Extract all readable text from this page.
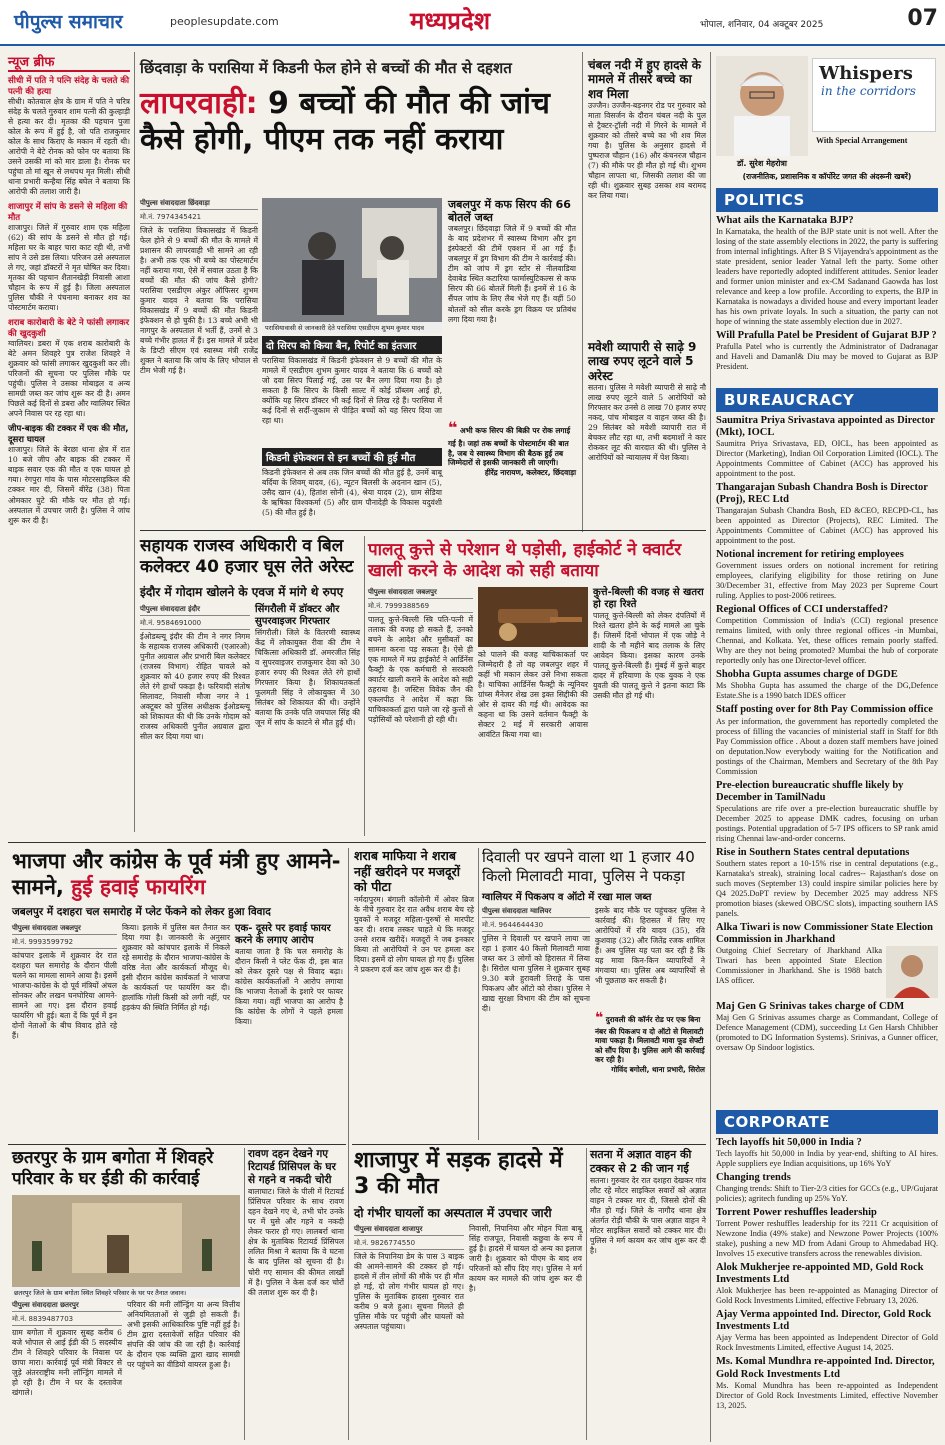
पीपुल्स समाचार	peoplesupdate.com	मध्यप्रदेश	भोपाल, शनिवार, 04 अक्टूबर 2025	07
न्यूज ब्रीफ
सीधी में पति ने पत्नि संदेह के चलते की पत्नी की हत्या
सीधी। कोतवाल क्षेत्र के ग्राम में पति ने चरित्र संदेह के चलते गुरुवार शाम पत्नी की कुल्हाड़ी से हत्या कर दी। मृतका की पहचान पुजा कोल के रूप में हुई है, जो पति राजकुमार कोल के साथ किराए के मकान में रहती थी। आरोपी ने बेटे रोनक को फोन पर बताया कि उसने उसकी मां को मार डाला है। रोनक घर पहुंचा तो मां खून से लथपथ मृत मिली। सीधी थाना प्रभारी कन्हैया सिंह बघेल ने बताया कि आरोपी की तलाश जारी है।
शाजापुर में सांप के डसने से महिला की मौत
शाजापुर। जिले में गुरुवार शाम एक महिला (62) की सांप के डसने से मौत हो गई। महिला घर के बाहर चारा काट रही थी, तभी सांप ने उसे डस लिया। परिजन उसे अस्पताल ले गए, जहां डॉक्टरों ने मृत घोषित कर दिया। मृतका की पहचान शैतानखेड़ी निवासी आशा चौहान के रूप में हुई है। जिला अस्पताल पुलिस चौकी ने पंचनामा बनाकर शव का पोस्टमार्टम कराया।
शराब कारोबारी के बेटे ने फांसी लगाकर की खुदकुशी
ग्वालियर। डबरा में एक शराब कारोबारी के बेटे अमन शिवहरे पुत्र राजेश शिवहरे ने शुक्रवार को फांसी लगाकर खुदकुशी कर ली। परिजनों की सूचना पर पुलिस मौके पर पहुंची। पुलिस ने उसका मोबाइल व अन्य सामग्री जब्त कर जांच शुरू कर दी है। अमन पिछले कई दिनों से डबरा और ग्वालियर स्थित अपने निवास पर रह रहा था।
जीप-बाइक की टक्कर में एक की मौत, दूसरा घायल
शाजापुर। जिले के बेरछा थाना क्षेत्र में रात 10 बजे जीप और बाइक की टक्कर में बाइक सवार एक की मौत व एक घायल हो गया। रंगपुरा गांव के पास मोटरसाइकिल की टक्कर मार दी, जिसमें बीरेंद्र (38) पिता ओमकार घुटे की मौके पर मौत हो गई। अस्पताल में उपचार जारी है। पुलिस ने जांच शुरू कर दी है।
छिंदवाड़ा के परासिया में किडनी फेल होने से बच्चों की मौत से दहशत
लापरवाही: 9 बच्चों की मौत की जांच कैसे होगी, पीएम तक नहीं कराया
पीपुल्स संवाददाता छिंदवाड़ा
मो.नं. 7974345421
जिले के परासिया विकासखंड में किडनी फेल होने से 9 बच्चों की मौत के मामले में प्रशासन की लापरवाही भी सामने आ रही है। अभी तक एक भी बच्चे का पोस्टमार्टम नहीं कराया गया, ऐसे में सवाल उठता है कि बच्चों की मौत की जांच कैसे होगी? परासिया एसडीएम अंकुर ऑफिसर शुभम कुमार यादव ने बताया कि परासिया विकासखंड में 9 बच्चों की मौत किडनी इंफेक्शन से हो चुकी है। 13 बच्चे अभी भी नागपुर के अस्पताल में भर्ती हैं, उनमें से 3 बच्चे गंभीर हालत में हैं। इस मामले में प्रदेश के डिप्टी सीएम एवं स्वास्थ्य मंत्री राजेंद्र शुक्ल ने बताया कि जांच के लिए भोपाल से टीम भेजी गई है।
परासियावासी से जानकारी देते परासिया एसडीएम शुभम कुमार यादव
दो सिरप को किया बैन, रिपोर्ट का इंतजार
परासिया विकासखंड में किडनी इंफेक्शन से 9 बच्चों की मौत के मामले में एसडीएम शुभम कुमार यादव ने बताया कि 6 बच्चों को जो दवा सिरप पिलाई गई, उस पर बैन लगा दिया गया है। हो सकता है कि सिरप के किसी साल्ट में कोई प्रॉब्लम आई हो, क्योंकि यह सिरप डॉक्टर भी कई दिनों से लिख रहे हैं। परासिया में कई दिनों से सर्दी-जुकाम से पीड़ित बच्चों को यह सिरप दिया जा रहा था।
किडनी इंफेक्शन से इन बच्चों की हुई मौत
किडनी इंफेक्शन से अब तक जिन बच्चों की मौत हुई है, उनमें बाबू बर्दिया के शिवम् यादव, (6), न्यूटन बिलसी के अदनान खान (5), उसैद खान (4), हितांश सोनी (4), श्रेया यादव (2), ग्राम सेडिया के ऋषिका विश्वकर्मा (5) और ग्राम पौनादेही के विकास यदुवंशी (5) की मौत हुई है।
जबलपुर में कफ सिरप की 66 बोतलें जब्त
जबलपुर। छिंदवाड़ा जिले में 9 बच्चों की मौत के बाद प्रदेशभर में स्वास्थ्य विभाग और ड्रग इंस्पेक्टरों की टीमें एक्शन में आ गई हैं। जबलपुर में ड्रग विभाग की टीम ने कार्रवाई की। टीम को जांच में ड्रग स्टोर से नीलवाडिया देवाबेड स्थित कटारिया फार्मास्युटिकल्स से कफ सिरप की 66 बोतलें मिली हैं। इनमें से 16 के सैंपल जांच के लिए लैब भेजे गए हैं। वहीं 50 बोतलों को सील करके ड्रग विक्रय पर प्रतिबंध लगा दिया गया है।
❝ अभी कफ सिरप की बिक्री पर रोक लगाई गई है। जहां तक बच्चों के पोस्टमार्टम की बात है, जब ये स्वास्थ्य विभाग की बैठक हुई तब जिम्मेदारों से इसकी जानकारी ली जाएगी।
हीरेंद्र नारायण, कलेक्टर, छिंदवाड़ा
चंबल नदी में हुए हादसे के मामले में तीसरे बच्चे का शव मिला
उज्जैन। उज्जैन-बड़नगर रोड पर गुरुवार को माता विसर्जन के दौरान चंबल नदी के पुल से ट्रैक्टर-ट्रॉली नदी में गिरने के मामले में शुक्रवार को तीसरे बच्चे का भी शव मिल गया है। पुलिस के अनुसार हादसे में पुष्पराज चौहान (16) और कंचनरज चौहान (7) की मौके पर ही मौत हो गई थी। शुभम चौहान लापता था, जिसकी तलाश की जा रही थी। शुक्रवार सुबह उसका शव बरामद कर लिया गया।
मवेशी व्यापारी से साढ़े 9 लाख रुपए लूटने वाले 5 अरेस्ट
सतना। पुलिस ने मवेशी व्यापारी से साढ़े नौ लाख रुपए लूटने वाले 5 आरोपियों को गिरफ्तार कर उनसे 8 लाख 70 हजार रुपए नकद, पांच मोबाइल व वाहन जब्त की है। 29 सितंबर को मवेशी व्यापारी रात में बेचकर लौट रहा था, तभी बदमाशों ने कार रोककर लूट की वारदात की थी। पुलिस ने आरोपियों को न्यायालय में पेश किया।
Whispers
in the corridors
डॉ. सुरेश मेहरोत्रा
With Special Arrangement
(राजनीतिक, प्रशासनिक व कॉर्पोरेट जगत की अंदरूनी खबरें)
POLITICS
What ails the Karnataka BJP?
In Karnataka, the health of the BJP state unit is not well. After the losing of the state assembly elections in 2022, the party is suffering from internal infightings. After B S Vijayendra's appointment as the state president, senior leader Yatnal left the party. Some other leaders have reportedly adopted indifferent attitudes. Senior leader and former union minister and ex-CM Sadanand Gaowda has lost relevance and keep a low profile. According to experts, the BJP in Karnataka is nowadays a divided house and every important leader has his own private loyals. In such a situation, the party can not hope of winning the state assembly election due in 2027.
Will Prafulla Patel be President of Gujarat BJP ?
Prafulla Patel who is currently the Administrator of Dadranagar and Haveli and Damanl& Diu may be moved to Gujarat as BJP President.
BUREAUCRACY
Saumitra Priya Srivastava appointed as Director (Mkt), IOCL
Saumitra Priya Srivastava, ED, OICL, has been appointed as Director (Marketing), Indian Oil Corporation Limited (IOCL). The Appointments Committee of Cabinet (ACC) has approved his appointment to the post.
Thangarajan Subash Chandra Bosh is Director (Proj), REC Ltd
Thangarajan Subash Chandra Bosh, ED &CEO, RECPD-CL, has been appointed as Director (Projects), REC Limited. The Appointments Committee of Cabinet (ACC) has approved his appointment to the post.
Notional increment for retiring employees
Government issues orders on notional increment for retiring employees, clarifying eligibility for those retiring on June 30/December 31, effective from May 2023 per Supreme Court ruling. Applies to post-2006 retirees.
Regional Offices of CCI understaffed?
Competition Commission of India's (CCI) regional presence remains limited, with only three regional offices -in Mumbai, Chennai, and Kolkata. Yet, these offices remain poorly staffed. Why are they not being promoted? Mumbai the hub of corporate reportedly only has one Director-level officer.
Shobha Gupta assumes charge of DGDE
Ms Shobha Gupta has assumed the charge of the DG,Defence Estate.She is a 1990 batch IDES officer
Staff posting over for 8th Pay Commission office
As per information, the government has reportedly completed the process of filling the vacancies of ministerial staff in Staff for 8th Pay Commission office . About a dozen staff members have joined on deputation.Now everybody waiting for the Notification and postings of the Chairman, Members and Secretary of the 8th Pay Commission
Pre-election bureaucratic shuffle likely by December in TamilNadu
Speculations are rife over a pre-election bureaucratic shuffle by December 2025 to appease DMK cadres, focusing on urban postings. Potential upgradation of 5-7 IPS officers to SP rank amid rising Chennai law-and-order concerns.
Rise in Southern States central deputations
Southern states report a 10-15% rise in central deputations (e.g., Karnataka's streak), straining local cadres-- Rajasthan's dose on such moves (September 13) could inspire similar policies here by Q4 2025.DoPT review by December 2025 may address NFS promotion biases (skewed OBC/SC slots), impacting southern IAS panels.
Alka Tiwari is now Commissioner State Election Commission in Jharkhand
Outgoing Chief Secretary of Jharkhand Alka Tiwari has been appointed State Election Commissioner in Jharkhand. She is 1988 batch IAS officer.
Maj Gen G Srinivas takes charge of CDM
Maj Gen G Srinivas assumes charge as Commandant, College of Defence Management (CDM), succeeding Lt Gen Harsh Chhibber (promoted to DG Information Systems). Srinivas, a Gunner officer, oversaw Op Sindoor logistics.
CORPORATE
Tech layoffs hit 50,000 in India ?
Tech layoffs hit 50,000 in India by year-end, shifting to AI hires. Apple suppliers eye Indian acquisitions, up 16% YoY
Changing trends
Changing trends: Shift to Tier-2/3 cities for GCCs (e.g., UP/Gujarat policies); agritech funding up 25% YoY.
Torrent Power reshuffles leadership
Torrent Power reshuffles leadership for its ?211 Cr acquisition of Newzone India (49% stake) and Newzone Power Projects (100% stake), pushing a new MD from Adani Group to Ahmedabad HQ. Involves 15 executive transfers across the renewables division.
Alok Mukherjee re-appointed MD, Gold Rock Investments Ltd
Alok Mukherjee has been re-appointed as Managing Director of Gold Rock Investments Limited, effective February 13, 2026.
Ajay Verma appointed Ind. Director, Gold Rock Investments Ltd
Ajay Verma has been appointed as Independent Director of Gold Rock Investments Limited, effective August 14, 2025.
Ms. Komal Mundhra re-appointed Ind. Director, Gold Rock Investments Ltd
Ms. Komal Mundhra has been re-appointed as Independent Director of Gold Rock Investments Limited, effective November 13, 2025.
सहायक राजस्व अधिकारी व बिल कलेक्टर 40 हजार घूस लेते अरेस्ट
इंदौर में गोदाम खोलने के एवज में मांगे थे रुपए
पीपुल्स संवाददाता इंदौर
मो.नं. 9584691000
ईओडब्ल्यू इंदौर की टीम ने नगर निगम के सहायक राजस्व अधिकारी (एआरओ) पुनीत अग्रवाल और प्रभारी बिल कलेक्टर (राजस्व विभाग) रोहित चावले को शुक्रवार को 40 हजार रुपए की रिश्वत लेते रंगे हाथों पकड़ा है। फरियादी संतोष सिलावट, निवासी मौजा नगर ने 1 अक्टूबर को पुलिस अधीक्षक ईओडब्ल्यू को शिकायत की थी कि उनके गोदाम को राजस्व अधिकारी पुनीत अग्रवाल द्वारा सील कर दिया गया था।
सिंगरौली में डॉक्टर और सुपरवाइजर गिरफ्तार
सिंगरौली। जिले के वितरणी स्वास्थ्य केंद्र में लोकायुक्त रीवा की टीम ने चिकित्सा अधिकारी डॉ. अमरजीत सिंह व सुपरवाइजर राजकुमार देवा को 30 हजार रुपए की रिश्वत लेते रंगे हाथों गिरफ्तार किया है। शिकायतकर्ता फूलमती सिंह ने लोकायुक्त में 30 सितंबर को शिकायत की थी। उन्होंने बताया कि उनके पति जयपाल सिंह की जून में सांप के काटने से मौत हुई थी।
पालतू कुत्ते से परेशान थे पड़ोसी, हाईकोर्ट ने क्वार्टर खाली करने के आदेश को सही बताया
पीपुल्स संवाददाता जबलपुर
मो.नं. 7999388569
पालतू कुत्ते-बिल्ली स्त्रि पति-पत्नी में तलाक की वजह हो सकते हैं, उनको बचने के आदेश और मुसीबतों का सामना करना पड़ सकता है। ऐसे ही एक मामले में मप्र हाईकोर्ट ने आर्डिनेंस फैक्ट्री के एक कर्मचारी से सरकारी क्वार्टर खाली कराने के आदेश को सही ठहराया है। जस्टिस विवेक जैन की एकलपीठ ने आदेश में कहा कि याचिकाकर्ता द्वारा पाले जा रहे कुत्तों से पड़ोसियों को परेशानी हो रही थी।
को पालने की वजह याचिकाकर्ता पर जिम्मेदारी है तो वह जबलपुर शहर में कहीं भी मकान लेकर उसे निभा सकता है। याचिका आर्डिनेंस फैक्ट्री के न्यूनियर ग्रांच्स मैनेजर शेख उस इक्त सिद्दीकी की ओर से दायर की गई थी। आवेदक का कहना था कि उसने वर्तमान फैक्ट्री के सेक्टर 2 मई में सरकारी आवास आवंटित किया गया था।
कुत्ते-बिल्ली की वजह से खतरा हो रहा रिश्ते
पालतू कुत्ते-बिल्ली को लेकर दंपतियों में रिश्ते खतरा होने के कई मामले आ चुके हैं। जिसमें दिनों भोपाल में एक जोड़े ने शादी के नौ महीने बाद तलाक के लिए आवेदन किया। इसका कारण उनके पालतू कुत्ते-बिल्ली हैं। मुंबई में कुत्ते बाहर दादर में हरियाणा के एक युवक ने एक युवती की पालतू कुत्ते ने इतना काटा कि उसकी मौत हो गई थी।
भाजपा और कांग्रेस के पूर्व मंत्री हुए आमने- सामने, हुई हवाई फायरिंग
जबलपुर में दशहरा चल समारोह में प्लेट फेंकने को लेकर हुआ विवाद
पीपुल्स संवाददाता जबलपुर
मो.नं. 9993599792
कांचपार इलाके में शुक्रवार देर रात दशहरा चल समारोह के दौरान पीली चलने का मामला सामने आया है। इसमें भाजपा-कांग्रेस के दो पूर्व मंत्रियों अंचल सोनकर और लखन घनघोरिया आमने-सामने आ गए। इस दौरान हवाई फायरिंग भी हुई। बता दें कि पूर्व में इन दोनों नेताओं के बीच विवाद होते रहे हैं।
किया। इलाके में पुलिस बल तैनात कर दिया गया है। जानकारी के अनुसार शुक्रवार को कांचपार इलाके में निकले रहे समारोह के दौरान भाजपा-कांग्रेस के वरिष्ठ नेता और कार्यकर्ता मौजूद थे। इसी दौरान कांग्रेस कार्यकर्ता ने भाजपा के कार्यकर्ता पर फायरिंग कर दी। हालांकि गोली किसी को लगी नहीं, पर हड़कंप की स्थिति निर्मित हो गई।
एक- दूसरे पर हवाई फायर करने के लगाए आरोप
बताया जाता है कि चल समारोह के दौरान किसी ने प्लेट फेंक दी, इस बात को लेकर दूसरे पक्ष से विवाद बढ़ा। कांग्रेस कार्यकर्ताओं ने आरोप लगाया कि भाजपा नेताओं के इशारे पर फायर किया गया। वहीं भाजपा का आरोप है कि कांग्रेस के लोगों ने पहले हमला किया।
शराब माफिया ने शराब नहीं खरीदने पर मजदूरों को पीटा
नर्मदापुरम। बंगाली कॉलोनी में ओवर ब्रिज के नीचे गुरुवार देर रात अवैध शराब बेच रहे युवकों ने मजदूर महिला-पुरुषों से मारपीट कर दी। शराब तस्कर चाहते थे कि मजदूर उनसे शराब खरीदें। मजदूरों ने जब इनकार किया तो आरोपियों ने उन पर हमला कर दिया। इसमें दो लोग घायल हो गए हैं। पुलिस ने प्रकरण दर्ज कर जांच शुरू कर दी है।
दिवाली पर खपने वाला था 1 हजार 40 किलो मिलावटी मावा, पुलिस ने पकड़ा
ग्वालियर में पिकअप व ऑटो में रखा माल जब्त
पीपुल्स संवाददाता ग्वालियर
मो.नं. 9644644430
पुलिस ने दिवाली पर खपाने लाया जा रहा 1 हजार 40 किलो मिलावटी मावा जब्त कर 3 लोगों को हिरासत में लिया है। सिरोल थाना पुलिस ने शुक्रवार सुबह 9.30 बजे हुरावली तिराहे के पास पिकअप और ऑटो को रोका। पुलिस ने खाद्य सुरक्षा विभाग की टीम को सूचना दी।
इसके बाद मौके पर पहुंचकर पुलिस ने कार्रवाई की। हिरासत में लिए गए आरोपियों में रवि यादव (35), रवि कुशवाह (32) और जितेंद्र रजक शामिल हैं। अब पुलिस यह पता कर रही है कि यह मावा किन-किन व्यापारियों ने मंगवाया था। पुलिस अब व्यापारियों से भी पूछताछ कर सकती है।
❝ दुरावली की कॉर्नर रोड पर एक बिना नंबर की पिकअप व दो ऑटो से मिलावटी मावा पकड़ा है। मिलावटी मावा फूड सेफ्टी को सौंप दिया है। पुलिस आगे की कार्रवाई कर रही है।
गोविंद बगोली, थाना प्रभारी, सिरोल
छतरपुर के ग्राम बगोता में शिवहरे परिवार के घर ईडी की कार्रवाई
छतरपुर जिले के ग्राम बगोता स्थित शिवहरे परिवार के घर पर तैनात जवान।
पीपुल्स संवाददाता छतरपुर
मो.नं. 8839487703
ग्राम बगोता में शुक्रवार सुबह करीब 6 बजे भोपाल से आई ईडी की 5 सदस्यीय टीम ने शिवहरे परिवार के निवास पर छापा मारा। कार्रवाई पूर्व मंत्री विक्टर से जुड़े अंतरराष्ट्रीय मनी लॉन्ड्रिंग मामले में हो रही है। टीम ने घर के दस्तावेज खंगाले।
परिवार की मनी लॉन्ड्रिंग या अन्य वित्तीय अनियमितताओं से जुड़ी हो सकती हैं। अभी इसकी आधिकारिक पुष्टि नहीं हुई है। टीम द्वारा दस्तावेजों सहित परिवार की संपत्ति की जांच की जा रही है। कार्रवाई के दौरान एक व्यक्ति द्वारा खाद सामग्री पर पहुंचने का वीडियो वायरल हुआ है।
रावण दहन देखने गए रिटायर्ड प्रिंसिपल के घर से गहने व नकदी चोरी
बालाघाट। जिले के पीली में रिटायर्ड प्रिंसिपल परिवार के साथ रावण दहन देखने गए थे, तभी चोर उनके घर में घुसे और गहने व नकदी लेकर फरार हो गए। लालबर्रा थाना क्षेत्र के मुताबिक रिटायर्ड प्रिंसिपल ललित मिश्रा ने बताया कि वे घटना के बाद पुलिस को सूचना दी है। चोरी गए सामान की कीमत लाखों में है। पुलिस ने केस दर्ज कर चोरों की तलाश शुरू कर दी है।
शाजापुर में सड़क हादसे में 3 की मौत
दो गंभीर घायलों का अस्पताल में उपचार जारी
पीपुल्स संवाददाता शाजापुर
मो.नं. 9826774550
जिले के निपानिया डेम के पास 3 बाइक की आमने-सामने की टक्कर हो गई। हादसे में तीन लोगों की मौके पर ही मौत हो गई, दो लोग गंभीर घायल हो गए। पुलिस के मुताबिक हादसा गुरुवार रात करीब 9 बजे हुआ। सूचना मिलते ही पुलिस मौके पर पहुंची और घायलों को अस्पताल पहुंचाया।
निवासी, निपानिया और मोहन पिता बाबू सिंह राजपूत, निवासी कछुवा के रूप में हुई है। हादसे में घायल दो अन्य का इलाज जारी है। शुक्रवार को पीएम के बाद शव परिजनों को सौंप दिए गए। पुलिस ने मर्ग कायम कर मामले की जांच शुरू कर दी है।
सतना में अज्ञात वाहन की टक्कर से 2 की जान गई
सतना। गुरुवार देर रात दशहरा देखकर गांव लौट रहे मोटर साइकिल सवारों को अज्ञात वाहन ने टक्कर मार दी, जिससे दोनों की मौत हो गई। जिले के नागौद थाना क्षेत्र अंतर्गत रोड़ी चौकी के पास अज्ञात वाहन ने मोटर साइकिल सवारों को टक्कर मार दी। पुलिस ने मर्ग कायम कर जांच शुरू कर दी है।
